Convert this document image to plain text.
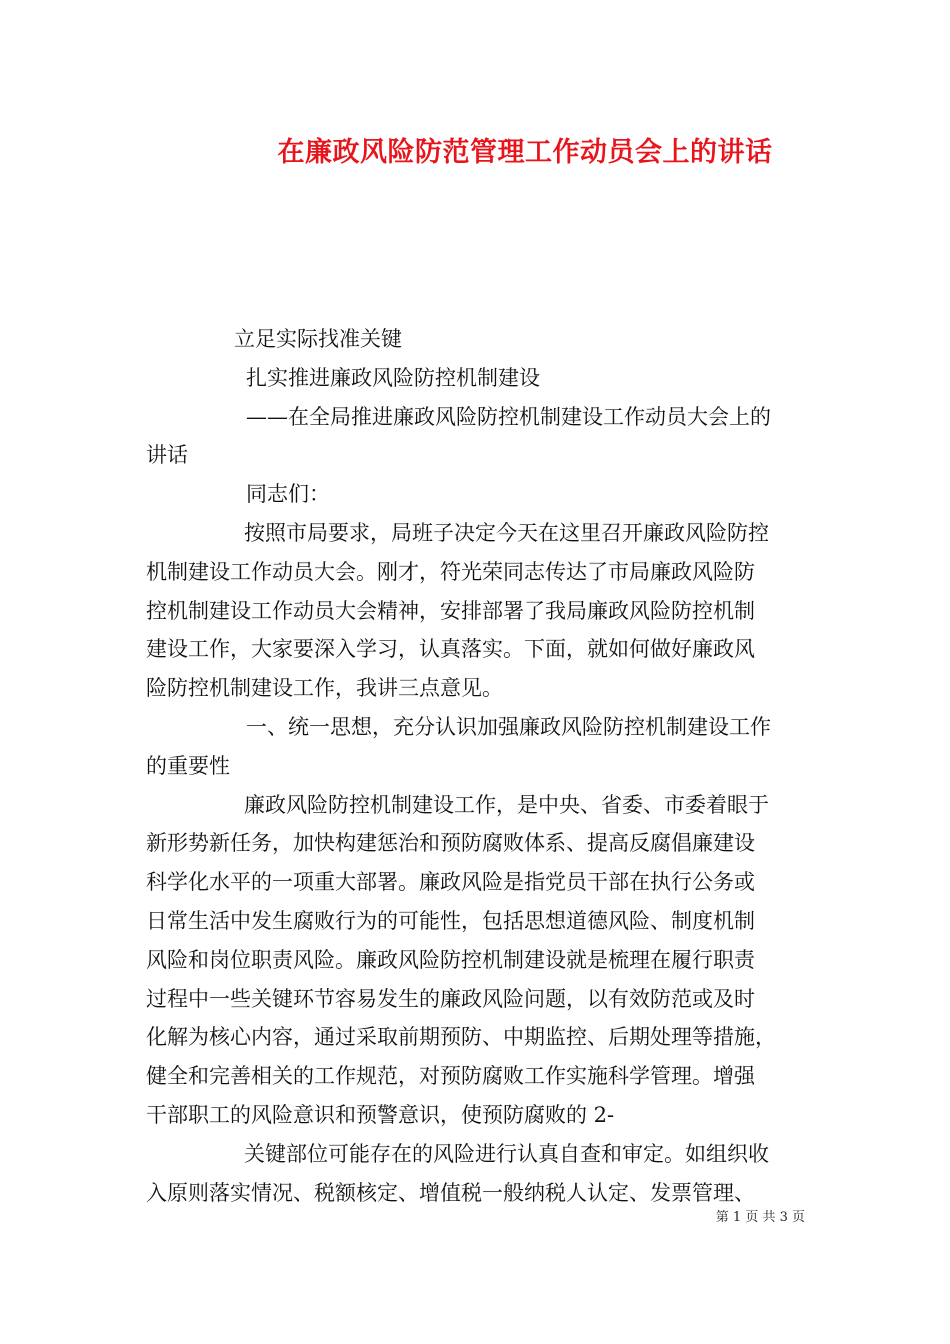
在廉政风险防范管理工作动员会上的讲话
立足实际找准关键
扎实推进廉政风险防控机制建设
——在全局推进廉政风险防控机制建设工作动员大会上的
讲话
同志们：
按照市局要求，局班子决定今天在这里召开廉政风险防控
机制建设工作动员大会。刚才，符光荣同志传达了市局廉政风险防
控机制建设工作动员大会精神，安排部署了我局廉政风险防控机制
建设工作，大家要深入学习，认真落实。下面，就如何做好廉政风
险防控机制建设工作，我讲三点意见。
一、统一思想，充分认识加强廉政风险防控机制建设工作
的重要性
廉政风险防控机制建设工作，是中央、省委、市委着眼于
新形势新任务，加快构建惩治和预防腐败体系、提高反腐倡廉建设
科学化水平的一项重大部署。廉政风险是指党员干部在执行公务或
日常生活中发生腐败行为的可能性，包括思想道德风险、制度机制
风险和岗位职责风险。廉政风险防控机制建设就是梳理在履行职责
过程中一些关键环节容易发生的廉政风险问题，以有效防范或及时
化解为核心内容，通过采取前期预防、中期监控、后期处理等措施，
健全和完善相关的工作规范，对预防腐败工作实施科学管理。增强
干部职工的风险意识和预警意识，使预防腐败的 2-
关键部位可能存在的风险进行认真自查和审定。如组织收
入原则落实情况、税额核定、增值税一般纳税人认定、发票管理、
第 1 页 共 3 页
